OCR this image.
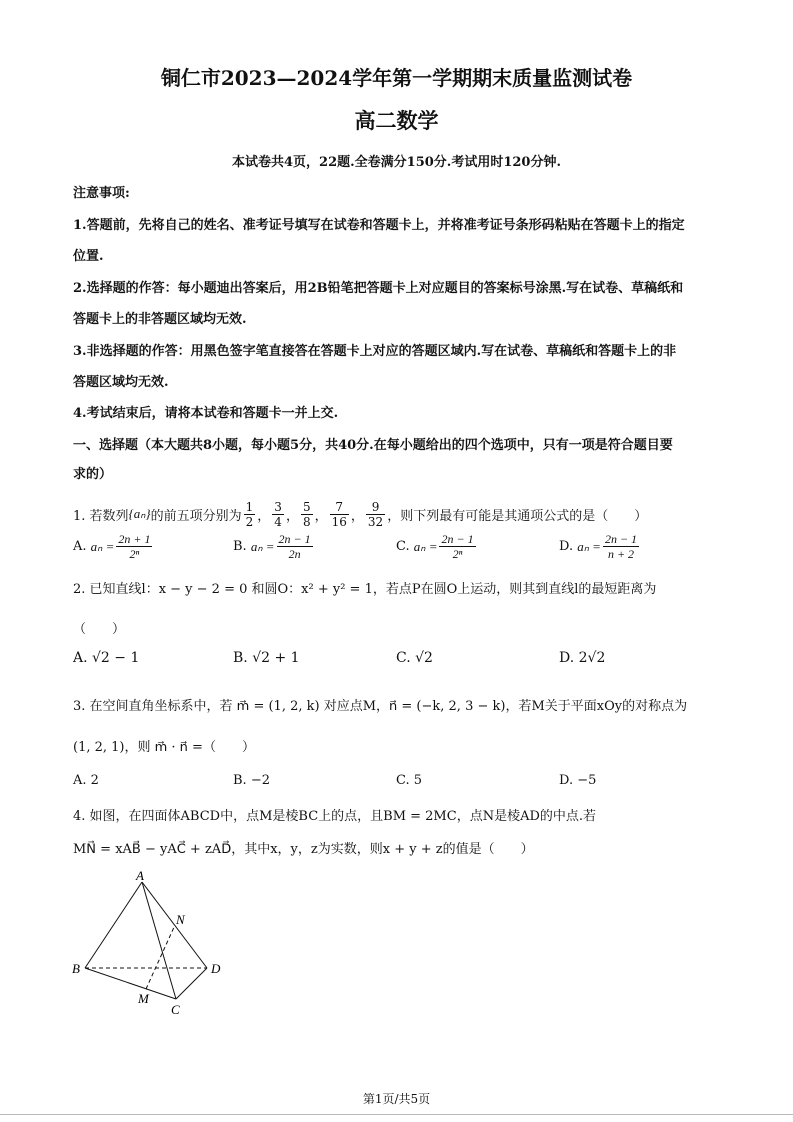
铜仁市2023—2024学年第一学期期末质量监测试卷
高二数学
本试卷共4页，22题.全卷满分150分.考试用时120分钟.
注意事项:
1.答题前，先将自己的姓名、准考证号填写在试卷和答题卡上，并将准考证号条形码粘贴在答题卡上的指定
位置.
2.选择题的作答：每小题迪出答案后，用2B铅笔把答题卡上对应题目的答案标号涂黑.写在试卷、草稿纸和
答题卡上的非答题区域均无效.
3.非选择题的作答：用黑色签字笔直接答在答题卡上对应的答题区域内.写在试卷、草稿纸和答题卡上的非
答题区域均无效.
4.考试结束后，请将本试卷和答题卡一并上交.
一、选择题（本大题共8小题，每小题5分，共40分.在每小题给出的四个选项中，只有一项是符合题目要
求的）
1. 若数列 {aₙ} 的前五项分别为 $\frac{1}{2}$ ， $\frac{3}{4}$ ， $\frac{5}{8}$ ， $\frac{7}{16}$ ， $\frac{9}{32}$ ，则下列最有可能是其通项公式的是（　　）
A.
$a_n = \frac{2n + 1}{\text{2ⁿ}}$	B.
$a_n = \frac{2n - 1}{2n}$	C.
$a_n = \frac{2n - 1}{\text{2ⁿ}}$	D.
$a_n = \frac{2n - 1}{n + 2}$
2. 已知直线l：x − y − 2 = 0 和圆O：x² + y² = 1，若点P在圆O上运动，则其到直线l的最短距离为
（　　）
A. √2 − 1	B. √2 + 1	C. √2	D. 2√2
3. 在空间直角坐标系中，若 m⃗ = (1, 2, k) 对应点M，n⃗ = (−k, 2, 3 − k)，若M关于平面xOy的对称点为
(1, 2, 1)，则 m⃗ · n⃗ =（　　）
A. 2	B. −2	C. 5	D. −5
4. 如图，在四面体ABCD中，点M是棱BC上的点，且BM = 2MC，点N是棱AD的中点.若
MN⃗ = xAB⃗ − yAC⃗ + zAD⃗，其中x，y，z为实数，则x + y + z的值是（　　）
A
B
C
D
M
N
第1页/共5页
